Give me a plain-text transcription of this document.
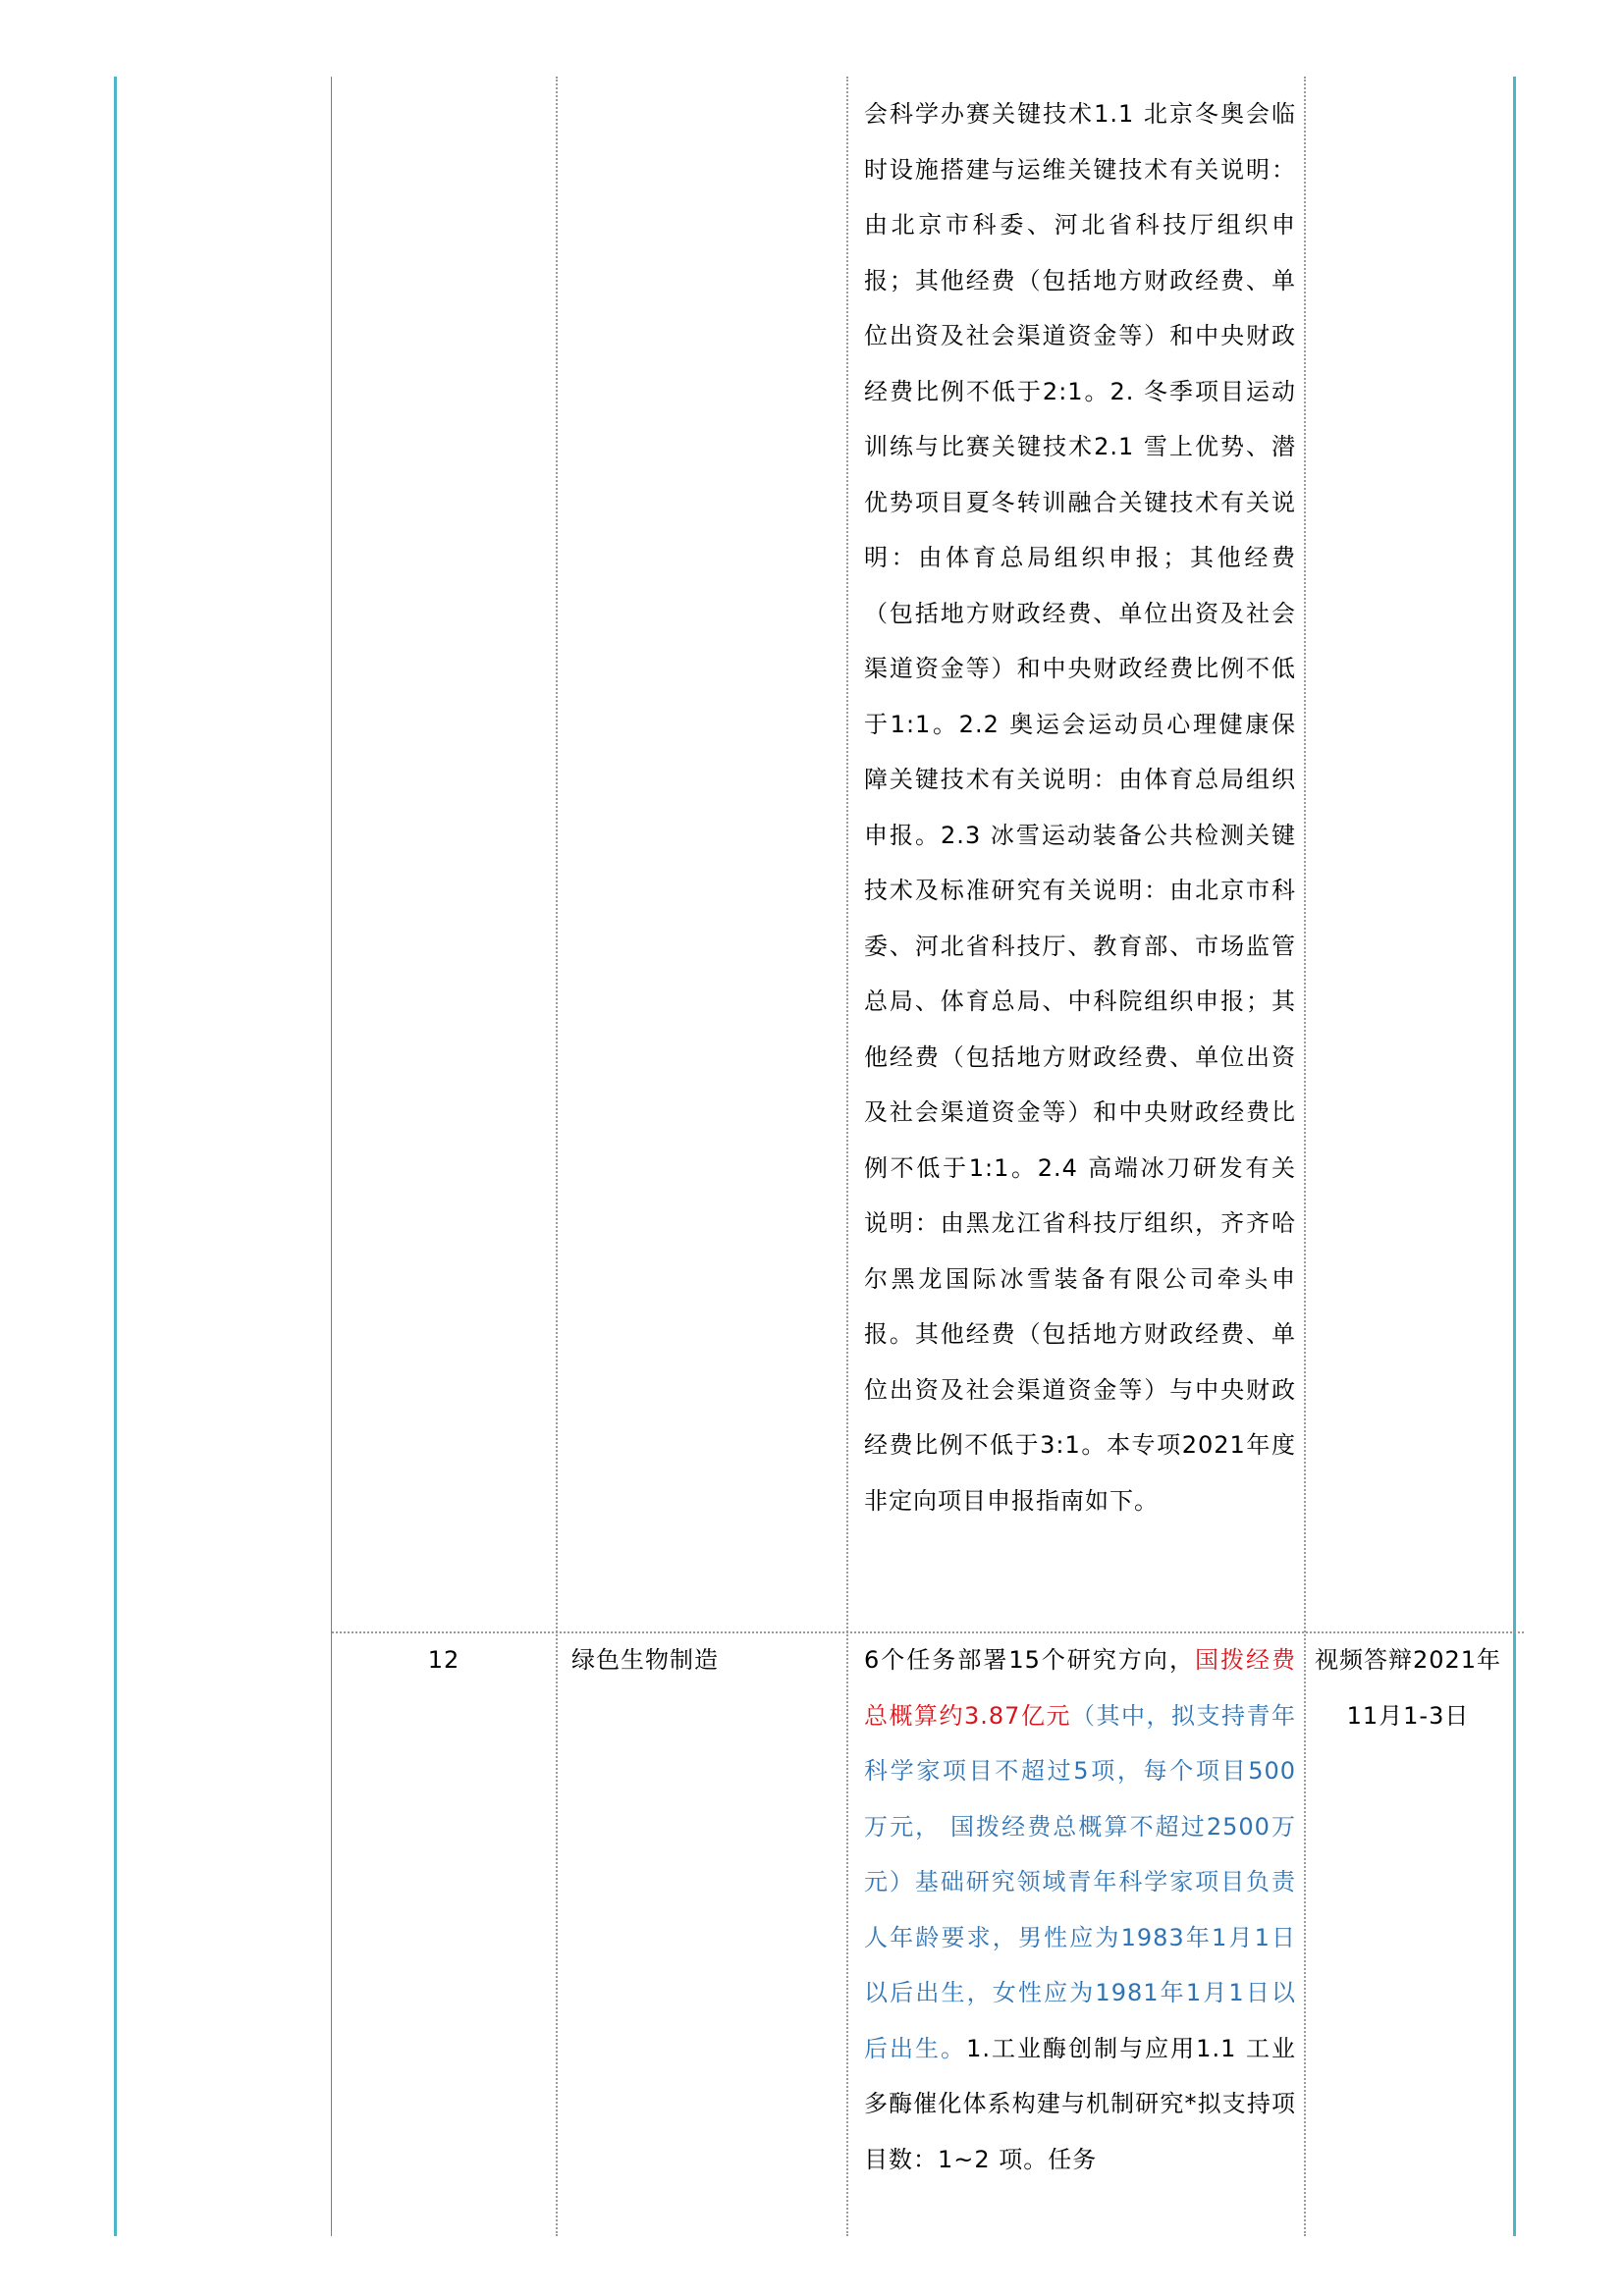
会科学办赛关键技术1.1 北京冬奥会临时设施搭建与运维关键技术有关说明：由北京市科委、河北省科技厅组织申报；其他经费（包括地方财政经费、单位出资及社会渠道资金等）和中央财政经费比例不低于2:1。2. 冬季项目运动训练与比赛关键技术2.1 雪上优势、潜优势项目夏冬转训融合关键技术有关说明：由体育总局组织申报；其他经费（包括地方财政经费、单位出资及社会渠道资金等）和中央财政经费比例不低于1:1。2.2 奥运会运动员心理健康保障关键技术有关说明：由体育总局组织申报。2.3 冰雪运动装备公共检测关键技术及标准研究有关说明：由北京市科委、河北省科技厅、教育部、市场监管总局、体育总局、中科院组织申报；其他经费（包括地方财政经费、单位出资及社会渠道资金等）和中央财政经费比例不低于1:1。2.4 高端冰刀研发有关说明：由黑龙江省科技厅组织，齐齐哈尔黑龙国际冰雪装备有限公司牵头申报。其他经费（包括地方财政经费、单位出资及社会渠道资金等）与中央财政经费比例不低于3:1。本专项2021年度非定向项目申报指南如下。
12	绿色生物制造	6个任务部署15个研究方向，国拨经费总概算约3.87亿元（其中，拟支持青年科学家项目不超过5项，每个项目500万元， 国拨经费总概算不超过2500万元）基础研究领域青年科学家项目负责人年龄要求，男性应为1983年1月1日以后出生，女性应为1981年1月1日以后出生。1.工业酶创制与应用1.1 工业多酶催化体系构建与机制研究*拟支持项目数：1~2 项。任务
视频答辩2021年11月1-3日
